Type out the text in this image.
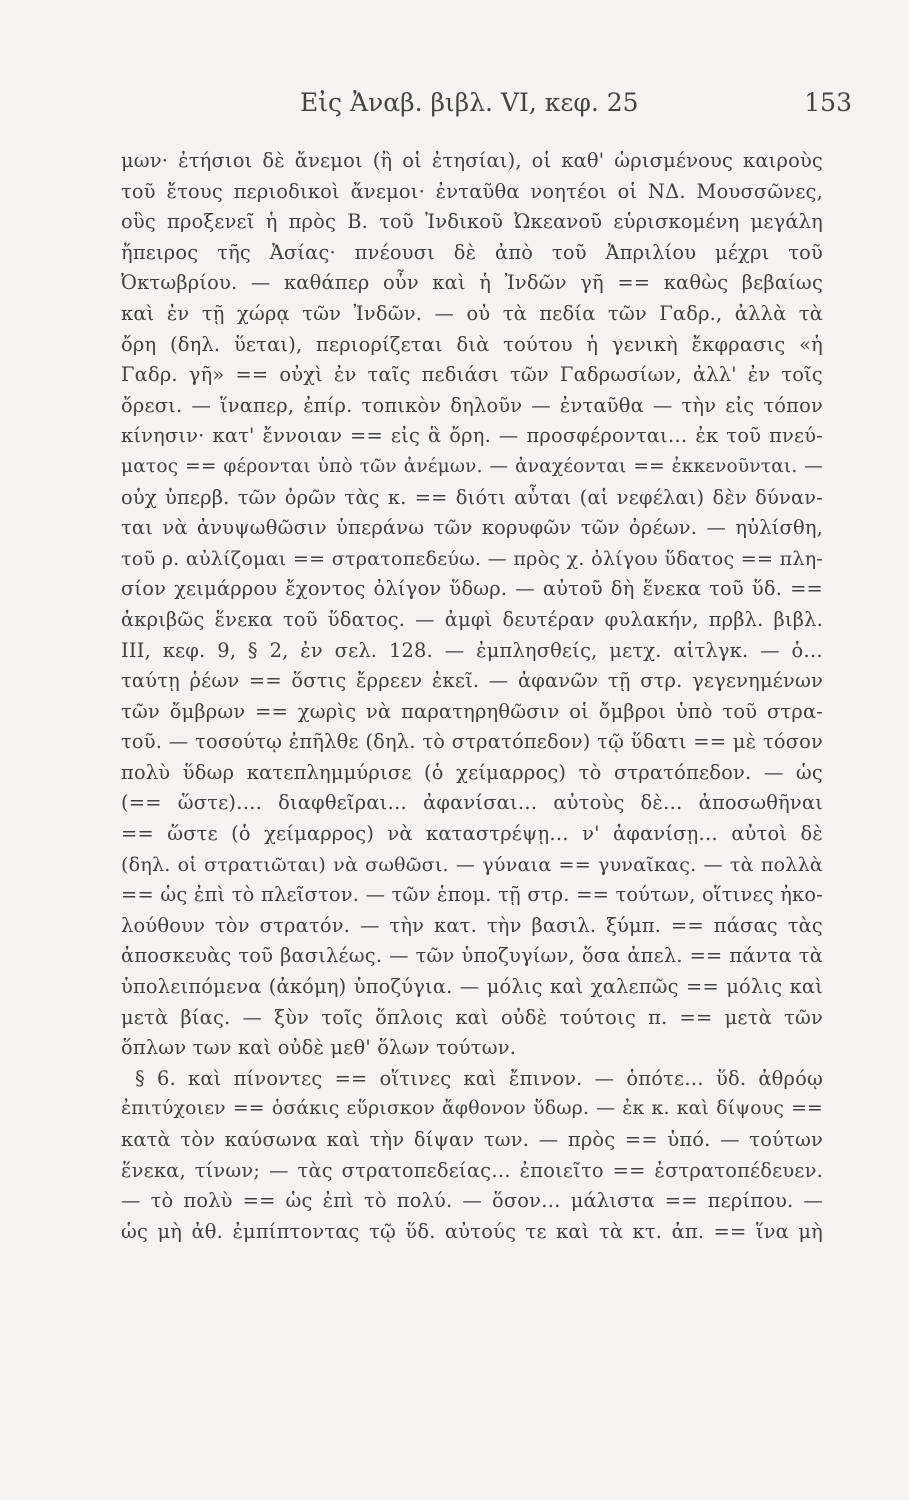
Εἰς Ἀναβ. βιβλ. VI, κεφ. 25	153
μων· ἐτήσιοι δὲ ἄνεμοι (ἢ οἱ ἐτησίαι), οἱ καθ' ὡρισμένους καιροὺς
τοῦ ἔτους περιοδικοὶ ἄνεμοι· ἐνταῦθα νοητέοι οἱ ΝΔ. Μουσσῶνες,
οὓς προξενεῖ ἡ πρὸς Β. τοῦ Ἰνδικοῦ Ὠκεανοῦ εὑρισκομένη μεγάλη
ἤπειρος τῆς Ἀσίας· πνέουσι δὲ ἀπὸ τοῦ Ἀπριλίου μέχρι τοῦ
Ὀκτωβρίου. — καθάπερ οὖν καὶ ἡ Ἰνδῶν γῆ == καθὼς βεβαίως
καὶ ἐν τῇ χώρᾳ τῶν Ἰνδῶν. — οὐ τὰ πεδία τῶν Γαδρ., ἀλλὰ τὰ
ὄρη (δηλ. ὕεται), περιορίζεται διὰ τούτου ἡ γενικὴ ἔκφρασις «ἡ
Γαδρ. γῆ» == οὐχὶ ἐν ταῖς πεδιάσι τῶν Γαδρωσίων, ἀλλ' ἐν τοῖς
ὄρεσι. — ἵναπερ, ἐπίρ. τοπικὸν δηλοῦν — ἐνταῦθα — τὴν εἰς τόπον
κίνησιν· κατ' ἔννοιαν == εἰς ἃ ὄρη. — προσφέρονται… ἐκ τοῦ πνεύ-
ματος == φέρονται ὑπὸ τῶν ἀνέμων. — ἀναχέονται == ἐκκενοῦνται. —
οὐχ ὑπερβ. τῶν ὀρῶν τὰς κ. == διότι αὗται (αἱ νεφέλαι) δὲν δύναν-
ται νὰ ἀνυψωθῶσιν ὑπεράνω τῶν κορυφῶν τῶν ὀρέων. — ηὐλίσθη,
τοῦ ρ. αὐλίζομαι == στρατοπεδεύω. — πρὸς χ. ὀλίγου ὕδατος == πλη-
σίον χειμάρρου ἔχοντος ὀλίγον ὕδωρ. — αὐτοῦ δὴ ἕνεκα τοῦ ὕδ. ==
ἀκριβῶς ἕνεκα τοῦ ὕδατος. — ἀμφὶ δευτέραν φυλακήν, πρβλ. βιβλ.
III, κεφ. 9, § 2, ἐν σελ. 128. — ἐμπλησθείς, μετχ. αἰτλγκ. — ὁ…
ταύτῃ ῥέων == ὅστις ἔρρεεν ἐκεῖ. — ἀφανῶν τῇ στρ. γεγενημένων
τῶν ὄμβρων == χωρὶς νὰ παρατηρηθῶσιν οἱ ὄμβροι ὑπὸ τοῦ στρα-
τοῦ. — τοσούτῳ ἐπῆλθε (δηλ. τὸ στρατόπεδον) τῷ ὕδατι == μὲ τόσον
πολὺ ὕδωρ κατεπλημμύρισε (ὁ χείμαρρος) τὸ στρατόπεδον. — ὡς
(== ὥστε)…. διαφθεῖραι… ἀφανίσαι… αὐτοὺς δὲ… ἀποσωθῆναι
== ὥστε (ὁ χείμαρρος) νὰ καταστρέψῃ… ν' ἀφανίσῃ… αὐτοὶ δὲ
(δηλ. οἱ στρατιῶται) νὰ σωθῶσι. — γύναια == γυναῖκας. — τὰ πολλὰ
== ὡς ἐπὶ τὸ πλεῖστον. — τῶν ἑπομ. τῇ στρ. == τούτων, οἵτινες ἠκο-
λούθουν τὸν στρατόν. — τὴν κατ. τὴν βασιλ. ξύμπ. == πάσας τὰς
ἀποσκευὰς τοῦ βασιλέως. — τῶν ὑποζυγίων, ὅσα ἀπελ. == πάντα τὰ
ὑπολειπόμενα (ἀκόμη) ὑποζύγια. — μόλις καὶ χαλεπῶς == μόλις καὶ
μετὰ βίας. — ξὺν τοῖς ὅπλοις καὶ οὐδὲ τούτοις π. == μετὰ τῶν
ὅπλων των καὶ οὐδὲ μεθ' ὅλων τούτων.
§ 6. καὶ πίνοντες == οἵτινες καὶ ἔπινον. — ὁπότε… ὕδ. ἀθρόῳ
ἐπιτύχοιεν == ὁσάκις εὕρισκον ἄφθονον ὕδωρ. — ἐκ κ. καὶ δίψους ==
κατὰ τὸν καύσωνα καὶ τὴν δίψαν των. — πρὸς == ὑπό. — τούτων
ἕνεκα, τίνων; — τὰς στρατοπεδείας… ἐποιεῖτο == ἐστρατοπέδευεν.
— τὸ πολὺ == ὡς ἐπὶ τὸ πολύ. — ὅσον… μάλιστα == περίπου. —
ὡς μὴ ἀθ. ἐμπίπτοντας τῷ ὕδ. αὐτούς τε καὶ τὰ κτ. ἀπ. == ἵνα μὴ
